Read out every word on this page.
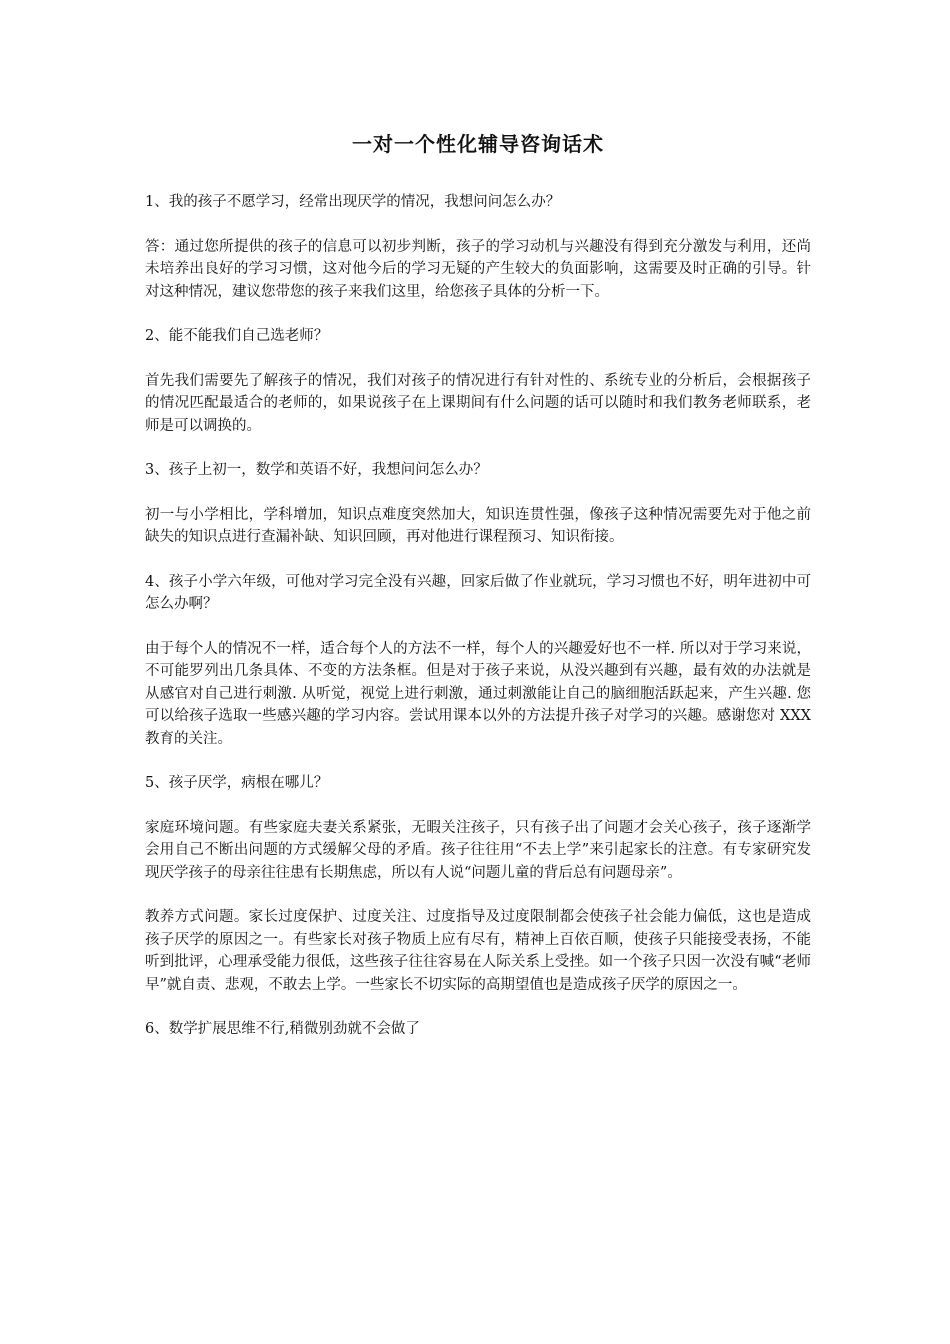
一对一个性化辅导咨询话术

1、我的孩子不愿学习，经常出现厌学的情况，我想问问怎么办？

答：通过您所提供的孩子的信息可以初步判断，孩子的学习动机与兴趣没有得到充分激发与利用，还尚未培养出良好的学习习惯，这对他今后的学习无疑的产生较大的负面影响，这需要及时正确的引导。针对这种情况，建议您带您的孩子来我们这里，给您孩子具体的分析一下。

2、能不能我们自己选老师？

首先我们需要先了解孩子的情况，我们对孩子的情况进行有针对性的、系统专业的分析后，会根据孩子的情况匹配最适合的老师的，如果说孩子在上课期间有什么问题的话可以随时和我们教务老师联系，老师是可以调换的。

3、孩子上初一，数学和英语不好，我想问问怎么办？

初一与小学相比，学科增加，知识点难度突然加大，知识连贯性强，像孩子这种情况需要先对于他之前缺失的知识点进行查漏补缺、知识回顾，再对他进行课程预习、知识衔接。

4、孩子小学六年级，可他对学习完全没有兴趣，回家后做了作业就玩，学习习惯也不好，明年进初中可怎么办啊？

由于每个人的情况不一样，适合每个人的方法不一样，每个人的兴趣爱好也不一样. 所以对于学习来说，不可能罗列出几条具体、不变的方法条框。但是对于孩子来说，从没兴趣到有兴趣，最有效的办法就是从感官对自己进行刺激. 从听觉，视觉上进行刺激，通过刺激能让自己的脑细胞活跃起来，产生兴趣. 您可以给孩子选取一些感兴趣的学习内容。尝试用课本以外的方法提升孩子对学习的兴趣。感谢您对 XXX 教育的关注。

5、孩子厌学，病根在哪儿？

家庭环境问题。有些家庭夫妻关系紧张，无暇关注孩子，只有孩子出了问题才会关心孩子，孩子逐渐学会用自己不断出问题的方式缓解父母的矛盾。孩子往往用“不去上学”来引起家长的注意。有专家研究发现厌学孩子的母亲往往患有长期焦虑，所以有人说“问题儿童的背后总有问题母亲”。

教养方式问题。家长过度保护、过度关注、过度指导及过度限制都会使孩子社会能力偏低，这也是造成孩子厌学的原因之一。有些家长对孩子物质上应有尽有，精神上百依百顺，使孩子只能接受表扬，不能听到批评，心理承受能力很低，这些孩子往往容易在人际关系上受挫。如一个孩子只因一次没有喊“老师早”就自责、悲观，不敢去上学。一些家长不切实际的高期望值也是造成孩子厌学的原因之一。

6、数学扩展思维不行,稍微别劲就不会做了
